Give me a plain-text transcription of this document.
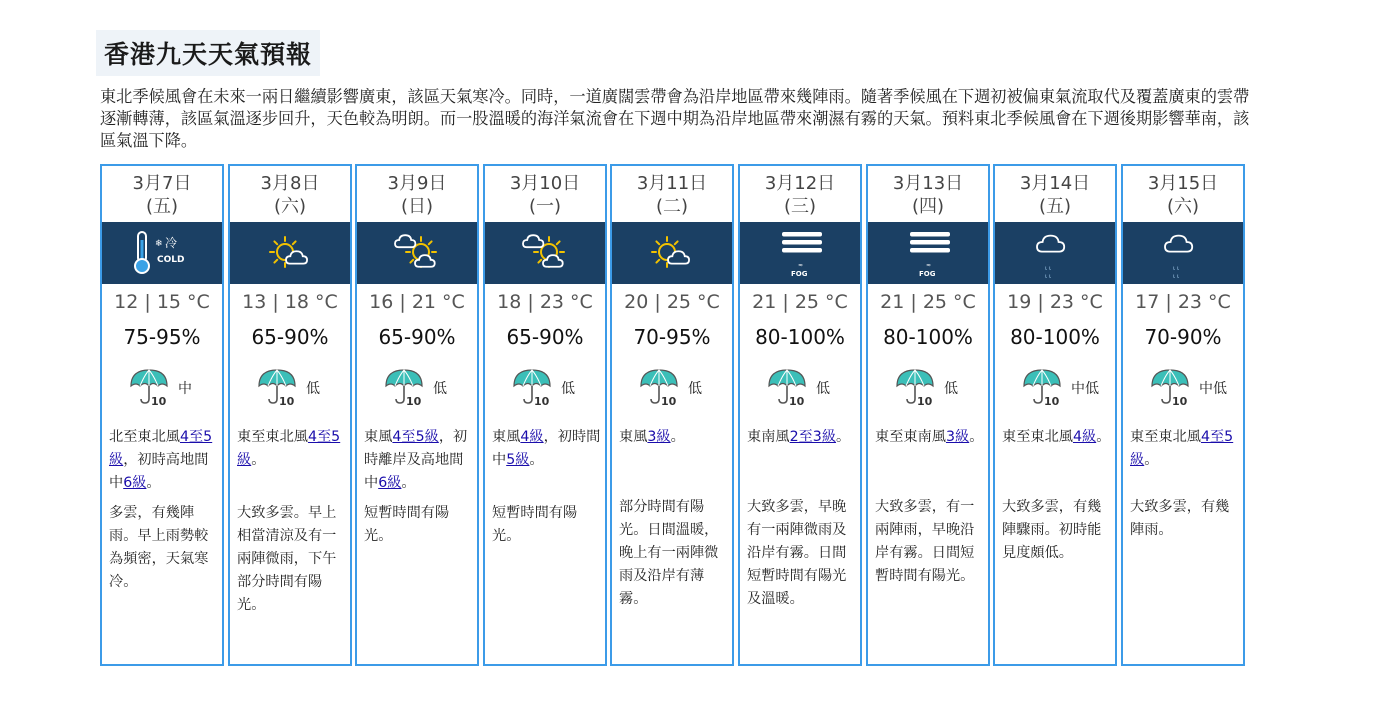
香港九天天氣預報

東北季候風會在未來一兩日繼續影響廣東，該區天氣寒冷。同時，一道廣闊雲帶會為沿岸地區帶來幾陣雨。隨著季候風在下週初被偏東氣流取代及覆蓋廣東的雲帶逐漸轉薄，該區氣溫逐步回升，天色較為明朗。而一股溫暖的海洋氣流會在下週中期為沿岸地區帶來潮濕有霧的天氣。預料東北季候風會在下週後期影響華南，該區氣溫下降。

3月7日
(五)
❄ 冷
COLD
12 | 15 °C
75-95%
10
中
北至東北風4至5級，初時高地間中6級。
多雲，有幾陣雨。早上雨勢較為頻密，天氣寒冷。
3月8日
(六)
13 | 18 °C
65-90%
10
低
東至東北風4至5級。
大致多雲。早上相當清涼及有一兩陣微雨，下午部分時間有陽光。
3月9日
(日)
16 | 21 °C
65-90%
10
低
東風4至5級，初時離岸及高地間中6級。
短暫時間有陽光。
3月10日
(一)
18 | 23 °C
65-90%
10
低
東風4級，初時間中5級。
短暫時間有陽光。
3月11日
(二)
20 | 25 °C
70-95%
10
低
東風3級。
部分時間有陽光。日間溫暖，晚上有一兩陣微雨及沿岸有薄霧。
3月12日
(三)
≈
FOG
21 | 25 °C
80-100%
10
低
東南風2至3級。
大致多雲，早晚有一兩陣微雨及沿岸有霧。日間短暫時間有陽光及溫暖。
3月13日
(四)
≈
FOG
21 | 25 °C
80-100%
10
低
東至東南風3級。
大致多雲，有一兩陣雨，早晚沿岸有霧。日間短暫時間有陽光。
3月14日
(五)
ι ι
ι ι
19 | 23 °C
80-100%
10
中低
東至東北風4級。
大致多雲，有幾陣驟雨。初時能見度頗低。
3月15日
(六)
ι ι
ι ι
17 | 23 °C
70-90%
10
中低
東至東北風4至5級。
大致多雲，有幾陣雨。
